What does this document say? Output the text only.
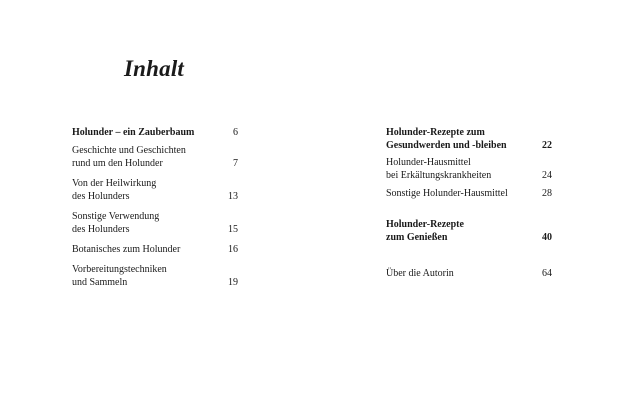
Inhalt
Holunder – ein Zauberbaum	6
Geschichte und Geschichten
rund um den Holunder	7
Von der Heilwirkung
des Holunders	13
Sonstige Verwendung
des Holunders	15
Botanisches zum Holunder	16
Vorbereitungstechniken
und Sammeln	19
Holunder-Rezepte zum
Gesundwerden und -bleiben	22
Holunder-Hausmittel
bei Erkältungskrankheiten	24
Sonstige Holunder-Hausmittel	28
Holunder-Rezepte
zum Genießen	40
Über die Autorin	64
